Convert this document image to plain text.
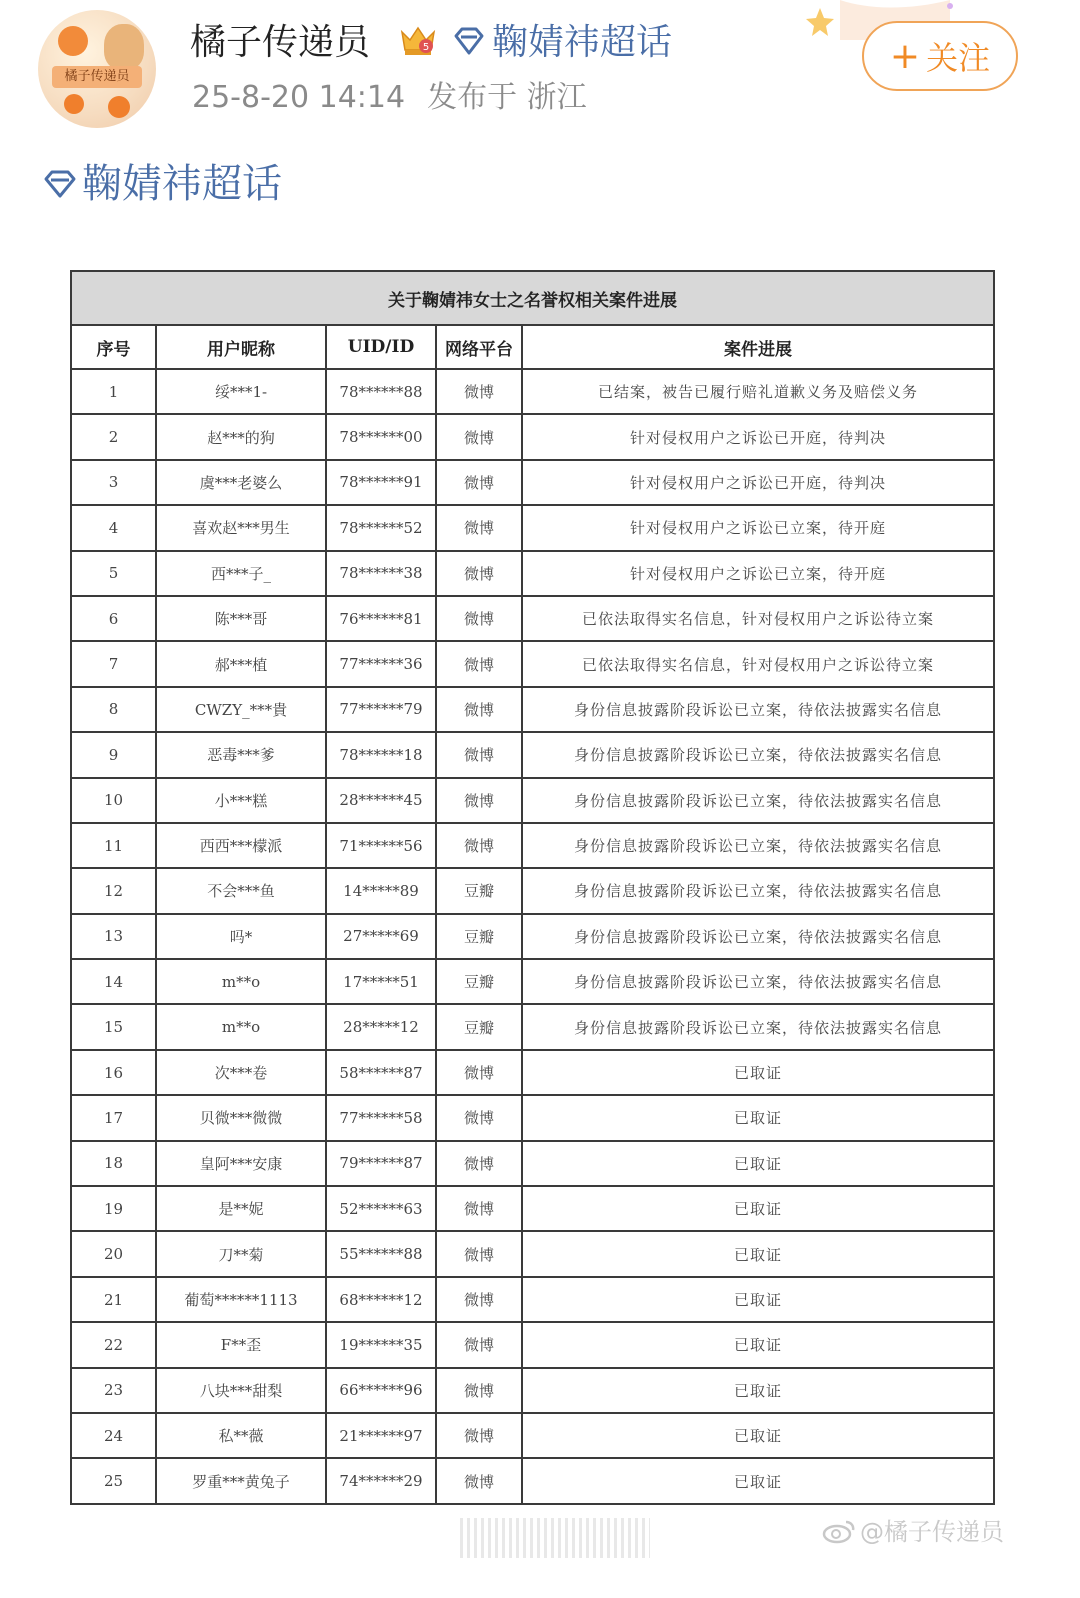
橘子传递员
橘子传递员	5	鞠婧祎超话
25-8-20 14:14 发布于 浙江
+ 关注
鞠婧祎超话
关于鞠婧祎女士之名誉权相关案件进展				
序号	用户昵称	UID/ID	网络平台	案件进展
1	绥***1-	78******88	微博	已结案，被告已履行赔礼道歉义务及赔偿义务
2	赵***的狗	78******00	微博	针对侵权用户之诉讼已开庭，待判决
3	虞***老婆么	78******91	微博	针对侵权用户之诉讼已开庭，待判决
4	喜欢赵***男生	78******52	微博	针对侵权用户之诉讼已立案，待开庭
5	西***子_	78******38	微博	针对侵权用户之诉讼已立案，待开庭
6	陈***哥	76******81	微博	已依法取得实名信息，针对侵权用户之诉讼待立案
7	郝***植	77******36	微博	已依法取得实名信息，针对侵权用户之诉讼待立案
8	CWZY_***貴	77******79	微博	身份信息披露阶段诉讼已立案，待依法披露实名信息
9	恶毒***爹	78******18	微博	身份信息披露阶段诉讼已立案，待依法披露实名信息
10	小***糕	28******45	微博	身份信息披露阶段诉讼已立案，待依法披露实名信息
11	西西***檬派	71******56	微博	身份信息披露阶段诉讼已立案，待依法披露实名信息
12	不会***鱼	14*****89	豆瓣	身份信息披露阶段诉讼已立案，待依法披露实名信息
13	吗*	27*****69	豆瓣	身份信息披露阶段诉讼已立案，待依法披露实名信息
14	m**o	17*****51	豆瓣	身份信息披露阶段诉讼已立案，待依法披露实名信息
15	m**o	28*****12	豆瓣	身份信息披露阶段诉讼已立案，待依法披露实名信息
16	次***卷	58******87	微博	已取证
17	贝微***微微	77******58	微博	已取证
18	皇阿***安康	79******87	微博	已取证
19	是**妮	52******63	微博	已取证
20	刀**菊	55******88	微博	已取证
21	葡萄******1113	68******12	微博	已取证
22	F**歪	19******35	微博	已取证
23	八块***甜梨	66******96	微博	已取证
24	私**薇	21******97	微博	已取证
25	罗重***黄兔子	74******29	微博	已取证
@橘子传递员
